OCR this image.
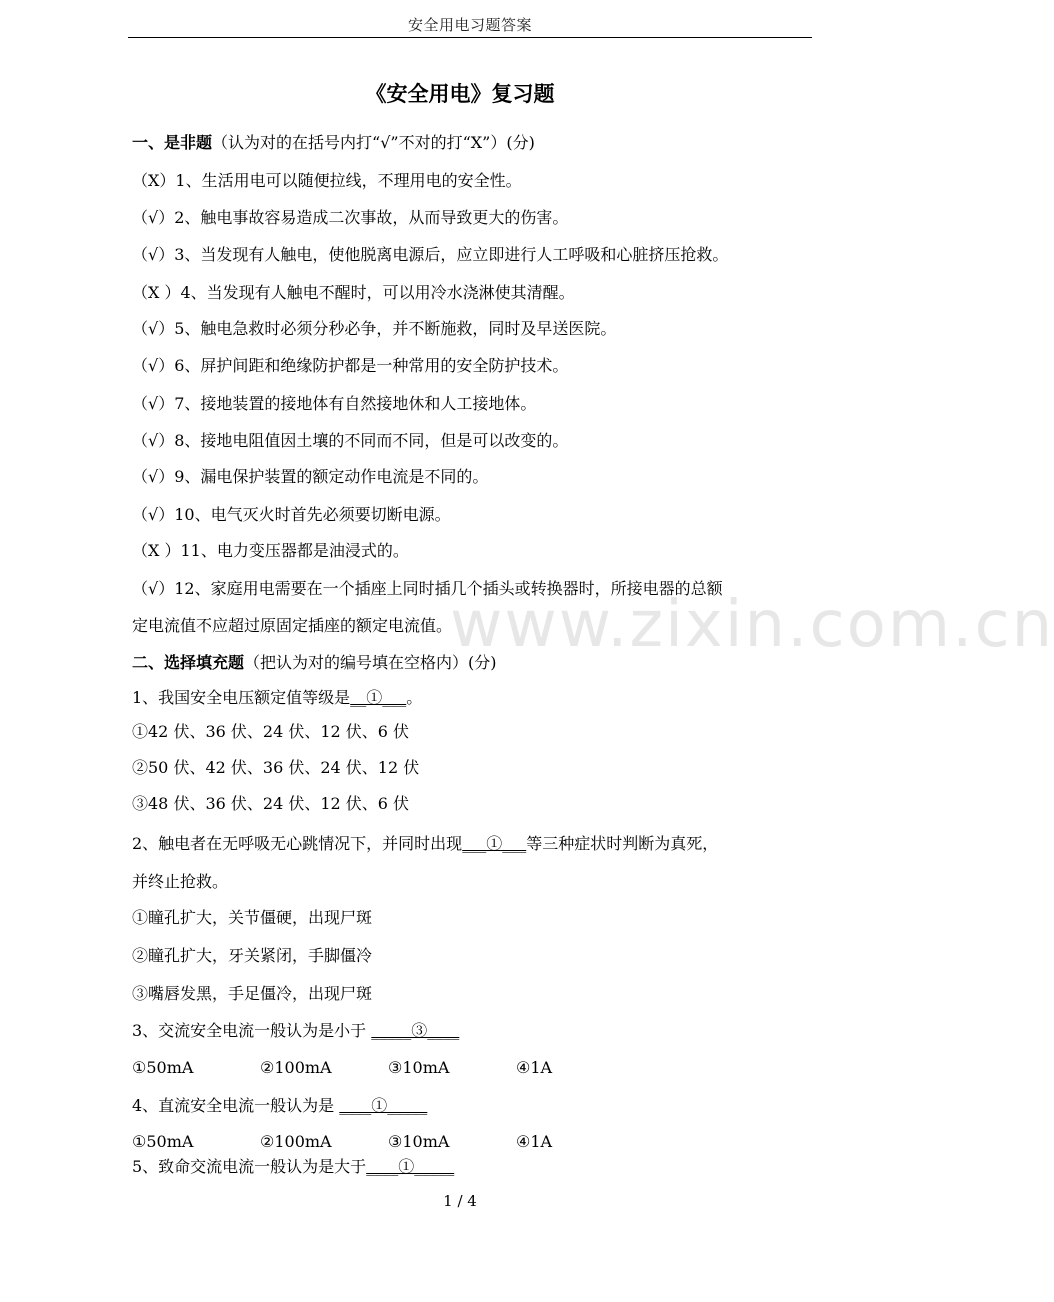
安全用电习题答案
《安全用电》复习题
一、是非题（认为对的在括号内打“√”不对的打“X”）(分)
（X）1、生活用电可以随便拉线，不理用电的安全性。
（√）2、触电事故容易造成二次事故，从而导致更大的伤害。
（√）3、当发现有人触电，使他脱离电源后，应立即进行人工呼吸和心脏挤压抢救。
（X ）4、当发现有人触电不醒时，可以用冷水浇淋使其清醒。
（√）5、触电急救时必须分秒必争，并不断施救，同时及早送医院。
（√）6、屏护间距和绝缘防护都是一种常用的安全防护技术。
（√）7、接地装置的接地体有自然接地休和人工接地体。
（√）8、接地电阻值因土壤的不同而不同，但是可以改变的。
（√）9、漏电保护装置的额定动作电流是不同的。
（√）10、电气灭火时首先必须要切断电源。
（X ）11、电力变压器都是油浸式的。
（√）12、家庭用电需要在一个插座上同时插几个插头或转换器时，所接电器的总额
定电流值不应超过原固定插座的额定电流值。
二、选择填充题（把认为对的编号填在空格内）(分)
1、我国安全电压额定值等级是__①___。
①42 伏、36 伏、24 伏、12 伏、6 伏
②50 伏、42 伏、36 伏、24 伏、12 伏
③48 伏、36 伏、24 伏、12 伏、6 伏
2、触电者在无呼吸无心跳情况下，并同时出现___①___等三种症状时判断为真死，
并终止抢救。
①瞳孔扩大，关节僵硬，出现尸斑
②瞳孔扩大，牙关紧闭，手脚僵冷
③嘴唇发黑，手足僵冷，出现尸斑
3、交流安全电流一般认为是小于 _____③____
①50mA	②100mA	③10mA	④1A
4、直流安全电流一般认为是 ____①_____
①50mA	②100mA	③10mA	④1A
5、致命交流电流一般认为是大于____①_____
www.zixin.com.cn
1 / 4
